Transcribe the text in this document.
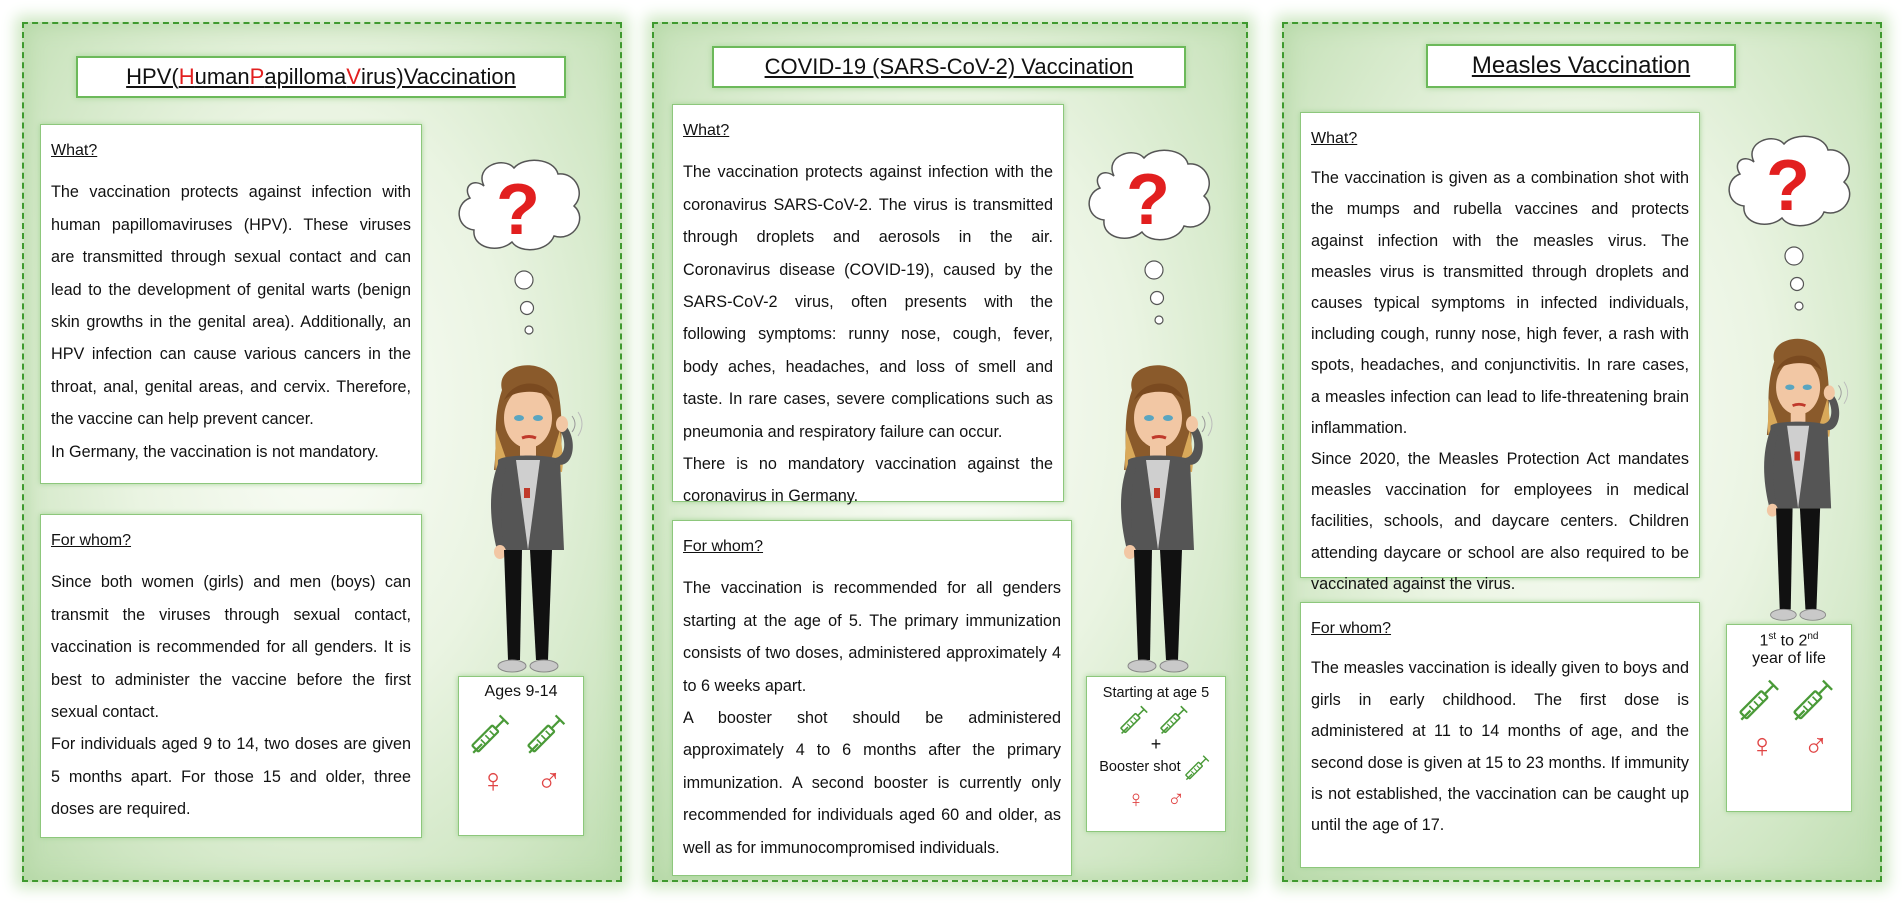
HPV( H uman P apilloma V irus)Vaccination
What?

The vaccination protects against infection with human papillomaviruses (HPV). These viruses are transmitted through sexual contact and can lead to the development of genital warts (benign skin growths in the genital area). Additionally, an HPV infection can cause various cancers in the throat, anal, genital areas, and cervix. Therefore, the vaccine can help prevent cancer.

In Germany, the vaccination is not mandatory.

For whom?

Since both women (girls) and men (boys) can transmit the viruses through sexual contact, vaccination is recommended for all genders. It is best to administer the vaccine before the first sexual contact.

For individuals aged 9 to 14, two doses are given 5 months apart. For those 15 and older, three doses are required.

Ages 9-14

♀ ♂
COVID-19 (SARS-CoV-2) Vaccination
What?

The vaccination protects against infection with the coronavirus SARS-CoV-2. The virus is transmitted through droplets and aerosols in the air. Coronavirus disease (COVID-19), caused by the SARS-CoV-2 virus, often presents with the following symptoms: runny nose, cough, fever, body aches, headaches, and loss of smell and taste. In rare cases, severe complications such as pneumonia and respiratory failure can occur.

There is no mandatory vaccination against the coronavirus in Germany.

For whom?

The vaccination is recommended for all genders starting at the age of 5. The primary immunization consists of two doses, administered approximately 4 to 6 weeks apart.

A booster shot should be administered approximately 4 to 6 months after the primary immunization. A second booster is currently only recommended for individuals aged 60 and older, as well as for immunocompromised individuals.

Starting at age 5

+
Booster shot
♀ ♂
Measles Vaccination
What?

The vaccination is given as a combination shot with the mumps and rubella vaccines and protects against infection with the measles virus. The measles virus is transmitted through droplets and causes typical symptoms in infected individuals, including cough, runny nose, high fever, a rash with spots, headaches, and conjunctivitis. In rare cases, a measles infection can lead to life-threatening brain inflammation.

Since 2020, the Measles Protection Act mandates measles vaccination for employees in medical facilities, schools, and daycare centers. Children attending daycare or school are also required to be vaccinated against the virus.

For whom?

The measles vaccination is ideally given to boys and girls in early childhood. The first dose is administered at 11 to 14 months of age, and the second dose is given at 15 to 23 months. If immunity is not established, the vaccination can be caught up until the age of 17.

1st to 2nd
year of life

♀ ♂
